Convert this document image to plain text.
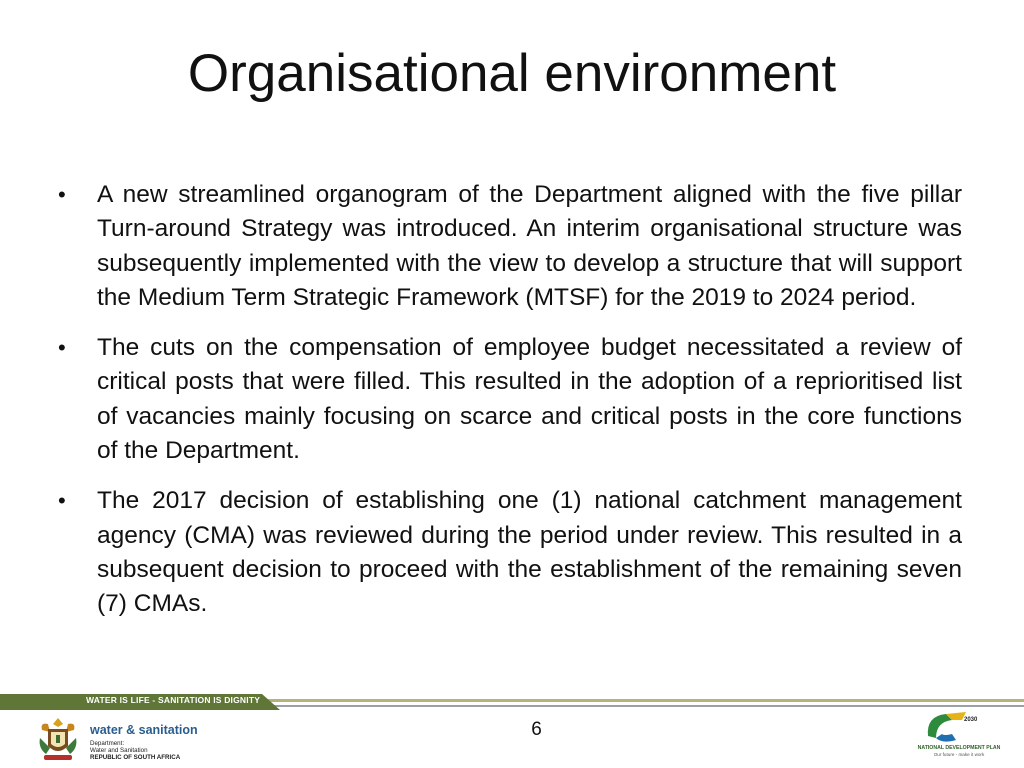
Organisational environment
• A new streamlined organogram of the Department aligned with the five pillar Turn-around Strategy was introduced. An interim organisational structure was subsequently implemented with the view to develop a structure that will support the Medium Term Strategic Framework (MTSF) for the 2019 to 2024 period.
• The cuts on the compensation of employee budget necessitated a review of critical posts that were filled. This resulted in the adoption of a reprioritised list of vacancies mainly focusing on scarce and critical posts in the core functions of the Department.
• The 2017 decision of establishing one (1) national catchment management agency (CMA) was reviewed during the period under review. This resulted in a subsequent decision to proceed with the establishment of the remaining seven (7) CMAs.
WATER IS LIFE - SANITATION IS DIGNITY
6
water & sanitation
Department:
Water and Sanitation
REPUBLIC OF SOUTH AFRICA
2030
NDP
NATIONAL DEVELOPMENT PLAN
Our future - make it work
